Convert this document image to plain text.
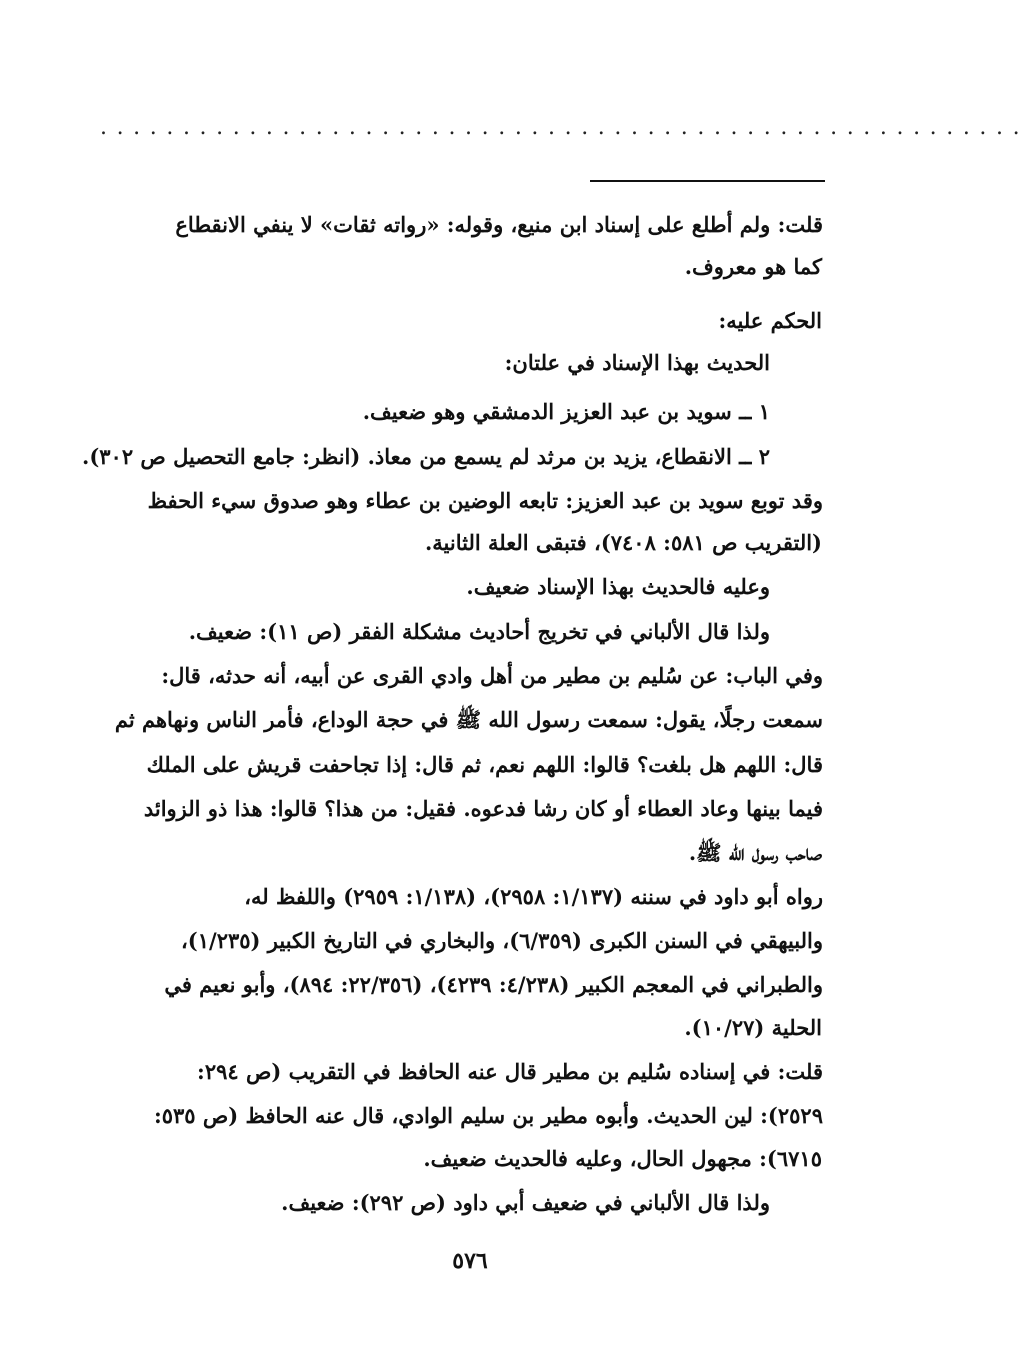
........................................................

قلت: ولم أطلع على إسناد ابن منيع، وقوله: «رواته ثقات» لا ينفي الانقطاع

كما هو معروف.

الحكم عليه:

الحديث بهذا الإسناد في علتان:

١ ــ سويد بن عبد العزيز الدمشقي وهو ضعيف.

٢ ــ الانقطاع، يزيد بن مرثد لم يسمع من معاذ. (انظر: جامع التحصيل ص ٣٠٢).

وقد توبع سويد بن عبد العزيز: تابعه الوضين بن عطاء وهو صدوق سيء الحفظ

(التقريب ص ٥٨١: ٧٤٠٨)، فتبقى العلة الثانية.

وعليه فالحديث بهذا الإسناد ضعيف.

ولذا قال الألباني في تخريج أحاديث مشكلة الفقر (ص ١١): ضعيف.

وفي الباب: عن سُليم بن مطير من أهل وادي القرى عن أبيه، أنه حدثه، قال:

سمعت رجلًا، يقول: سمعت رسول الله ﷺ في حجة الوداع، فأمر الناس ونهاهم ثم

قال: اللهم هل بلغت؟ قالوا: اللهم نعم، ثم قال: إذا تجاحفت قريش على الملك

فيما بينها وعاد العطاء أو كان رشا فدعوه. فقيل: من هذا؟ قالوا: هذا ذو الزوائد

صاحب رسول الله ﷺ.

رواه أبو داود في سننه (١/١٣٧: ٢٩٥٨)، (١/١٣٨: ٢٩٥٩) واللفظ له،

والبيهقي في السنن الكبرى (٦/٣٥٩)، والبخاري في التاريخ الكبير (١/٢٣٥)،

والطبراني في المعجم الكبير (٤/٢٣٨: ٤٢٣٩)، (٢٢/٣٥٦: ٨٩٤)، وأبو نعيم في

الحلية (١٠/٢٧).

قلت: في إسناده سُليم بن مطير قال عنه الحافظ في التقريب (ص ٢٩٤:

٢٥٢٩): لين الحديث. وأبوه مطير بن سليم الوادي، قال عنه الحافظ (ص ٥٣٥:

٦٧١٥): مجهول الحال، وعليه فالحديث ضعيف.

ولذا قال الألباني في ضعيف أبي داود (ص ٢٩٢): ضعيف.

٥٧٦
